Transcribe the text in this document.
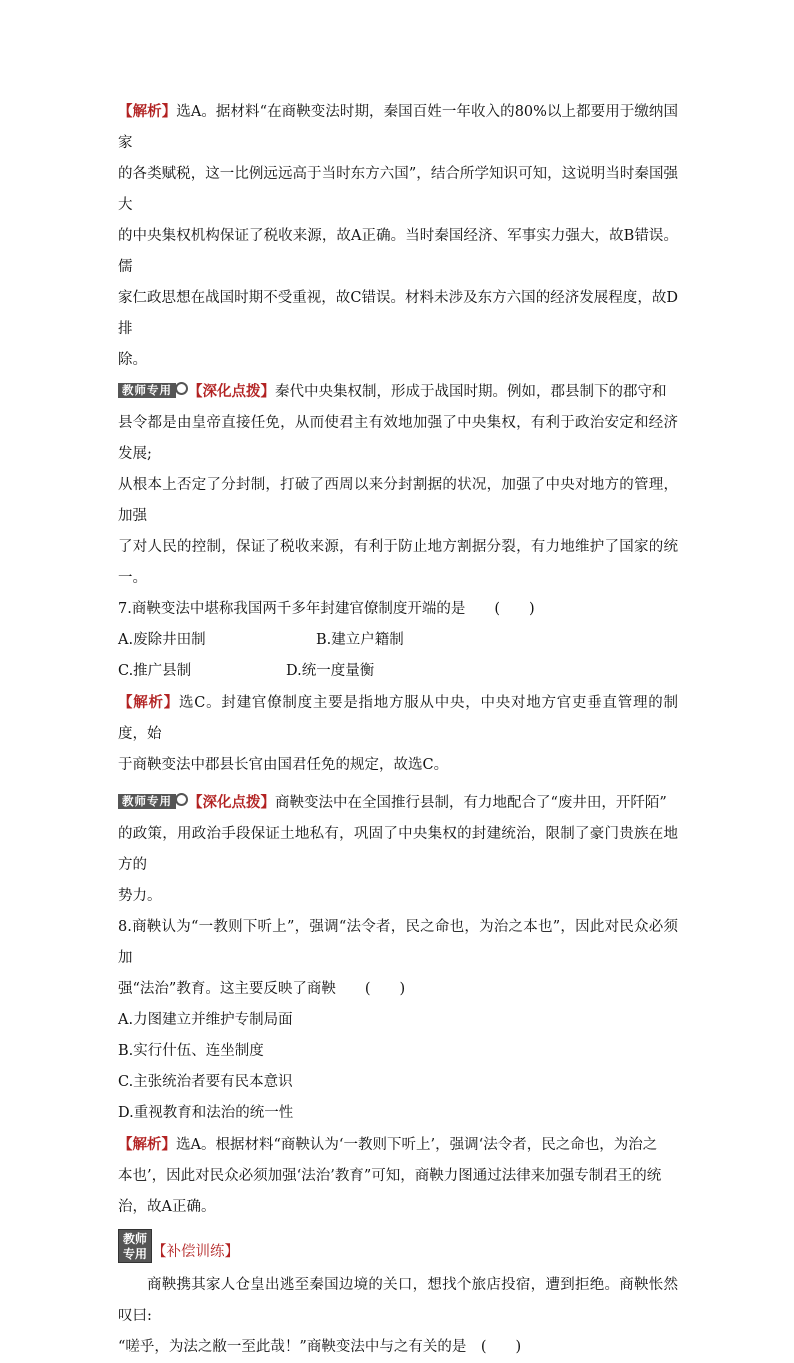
【解析】选A。据材料“在商鞅变法时期，秦国百姓一年收入的80%以上都要用于缴纳国家

的各类赋税，这一比例远远高于当时东方六国”，结合所学知识可知，这说明当时秦国强大

的中央集权机构保证了税收来源，故A正确。当时秦国经济、军事实力强大，故B错误。儒

家仁政思想在战国时期不受重视，故C错误。材料未涉及东方六国的经济发展程度，故D排

除。

教师专用 【深化点拨】秦代中央集权制，形成于战国时期。例如，郡县制下的郡守和

县令都是由皇帝直接任免，从而使君主有效地加强了中央集权，有利于政治安定和经济发展;

从根本上否定了分封制，打破了西周以来分封割据的状况，加强了中央对地方的管理，加强

了对人民的控制，保证了税收来源，有利于防止地方割据分裂，有力地维护了国家的统一。

7.商鞅变法中堪称我国两千多年封建官僚制度开端的是　　(　　)

A.废除井田制	B.建立户籍制

C.推广县制	D.统一度量衡

【解析】选C。封建官僚制度主要是指地方服从中央，中央对地方官吏垂直管理的制度，始

于商鞅变法中郡县长官由国君任免的规定，故选C。

教师专用 【深化点拨】商鞅变法中在全国推行县制，有力地配合了“废井田，开阡陌”

的政策，用政治手段保证土地私有，巩固了中央集权的封建统治，限制了豪门贵族在地方的

势力。

8.商鞅认为“一教则下听上”，强调“法令者，民之命也，为治之本也”，因此对民众必须加

强“法治”教育。这主要反映了商鞅　　(　　)

A.力图建立并维护专制局面

B.实行什伍、连坐制度

C.主张统治者要有民本意识

D.重视教育和法治的统一性

【解析】选A。根据材料“商鞅认为‘一教则下听上’，强调‘法令者，民之命也，为治之

本也’，因此对民众必须加强‘法治’教育”可知，商鞅力图通过法律来加强专制君王的统

治，故A正确。

教师
专用 【补偿训练】

商鞅携其家人仓皇出逃至秦国边境的关口，想找个旅店投宿，遭到拒绝。商鞅怅然叹曰:

“嗟乎，为法之敝一至此哉！”商鞅变法中与之有关的是　(　　)
